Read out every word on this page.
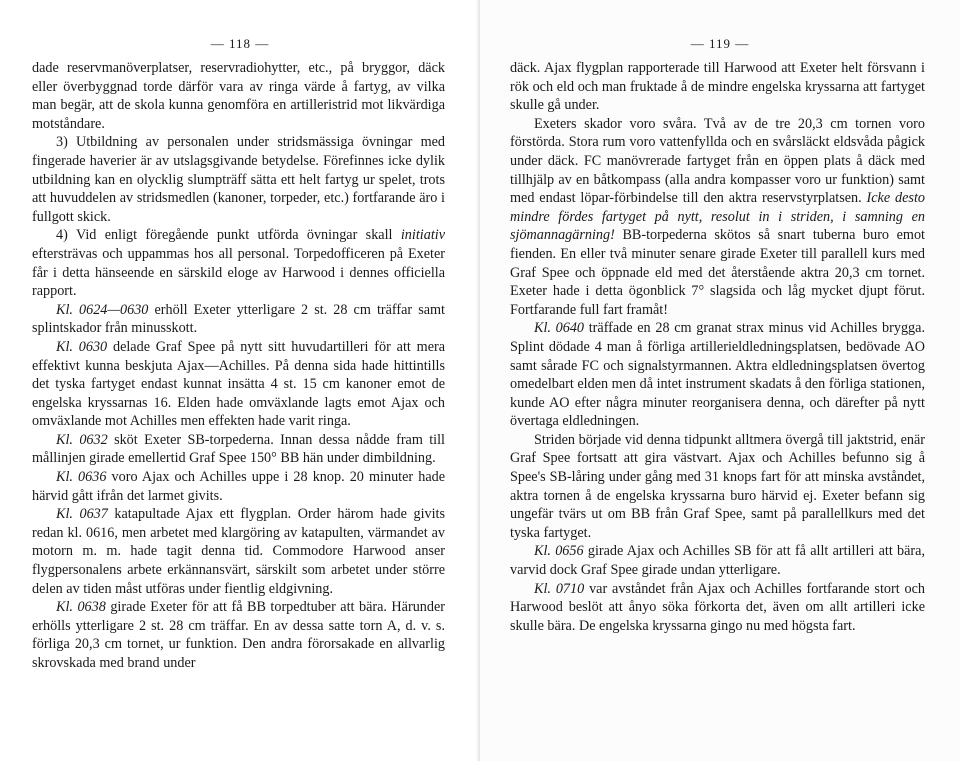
— 118 —

dade reservmanöverplatser, reservradiohytter, etc., på bryggor, däck eller överbyggnad torde därför vara av ringa värde å fartyg, av vilka man begär, att de skola kunna genomföra en artilleristrid mot likvärdiga motståndare.

3) Utbildning av personalen under stridsmässiga övningar med fingerade haverier är av utslagsgivande betydelse. Förefinnes icke dylik utbildning kan en olycklig slumpträff sätta ett helt fartyg ur spelet, trots att huvuddelen av stridsmedlen (kanoner, torpeder, etc.) fortfarande äro i fullgott skick.

4) Vid enligt föregående punkt utförda övningar skall initiativ eftersträvas och uppammas hos all personal. Torpedofficeren på Exeter får i detta hänseende en särskild eloge av Harwood i dennes officiella rapport.

Kl. 0624—0630 erhöll Exeter ytterligare 2 st. 28 cm träffar samt splintskador från minusskott.

Kl. 0630 delade Graf Spee på nytt sitt huvudartilleri för att mera effektivt kunna beskjuta Ajax—Achilles. På denna sida hade hittintills det tyska fartyget endast kunnat insätta 4 st. 15 cm kanoner emot de engelska kryssarnas 16. Elden hade omväxlande lagts emot Ajax och omväxlande mot Achilles men effekten hade varit ringa.

Kl. 0632 sköt Exeter SB-torpederna. Innan dessa nådde fram till mållinjen girade emellertid Graf Spee 150° BB hän under dimbildning.

Kl. 0636 voro Ajax och Achilles uppe i 28 knop. 20 minuter hade härvid gått ifrån det larmet givits.

Kl. 0637 katapultade Ajax ett flygplan. Order härom hade givits redan kl. 0616, men arbetet med klargöring av katapulten, värmandet av motorn m. m. hade tagit denna tid. Commodore Harwood anser flygpersonalens arbete erkännansvärt, särskilt som arbetet under större delen av tiden måst utföras under fientlig eldgivning.

Kl. 0638 girade Exeter för att få BB torpedtuber att bära. Härunder erhölls ytterligare 2 st. 28 cm träffar. En av dessa satte torn A, d. v. s. förliga 20,3 cm tornet, ur funktion. Den andra förorsakade en allvarlig skrovskada med brand under

— 119 —

däck. Ajax flygplan rapporterade till Harwood att Exeter helt försvann i rök och eld och man fruktade å de mindre engelska kryssarna att fartyget skulle gå under.

Exeters skador voro svåra. Två av de tre 20,3 cm tornen voro förstörda. Stora rum voro vattenfyllda och en svårsläckt eldsvåda pågick under däck. FC manövrerade fartyget från en öppen plats å däck med tillhjälp av en båtkompass (alla andra kompasser voro ur funktion) samt med endast löpar-förbindelse till den aktra reservstyrplatsen. Icke desto mindre fördes fartyget på nytt, resolut in i striden, i samning en sjömannagärning! BB-torpederna skötos så snart tuberna buro emot fienden. En eller två minuter senare girade Exeter till parallell kurs med Graf Spee och öppnade eld med det återstående aktra 20,3 cm tornet. Exeter hade i detta ögonblick 7° slagsida och låg mycket djupt förut. Fortfarande full fart framåt!

Kl. 0640 träffade en 28 cm granat strax minus vid Achilles brygga. Splint dödade 4 man å förliga artillerieldledningsplatsen, bedövade AO samt sårade FC och signalstyrmannen. Aktra eldledningsplatsen övertog omedelbart elden men då intet instrument skadats å den förliga stationen, kunde AO efter några minuter reorganisera denna, och därefter på nytt övertaga eldledningen.

Striden började vid denna tidpunkt alltmera övergå till jaktstrid, enär Graf Spee fortsatt att gira västvart. Ajax och Achilles befunno sig å Spee's SB-låring under gång med 31 knops fart för att minska avståndet, aktra tornen å de engelska kryssarna buro härvid ej. Exeter befann sig ungefär tvärs ut om BB från Graf Spee, samt på parallellkurs med det tyska fartyget.

Kl. 0656 girade Ajax och Achilles SB för att få allt artilleri att bära, varvid dock Graf Spee girade undan ytterligare.

Kl. 0710 var avståndet från Ajax och Achilles fortfarande stort och Harwood beslöt att ånyo söka förkorta det, även om allt artilleri icke skulle bära. De engelska kryssarna gingo nu med högsta fart.
